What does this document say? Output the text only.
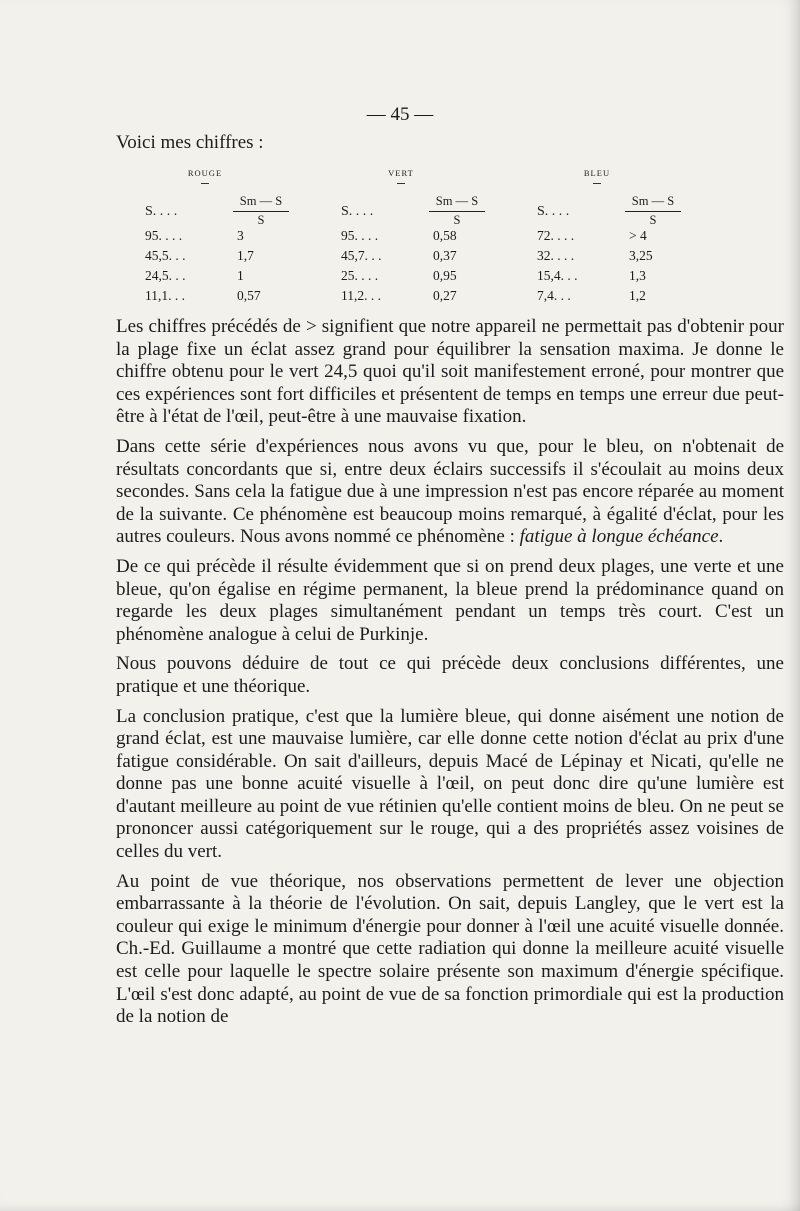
— 45 —
Voici mes chiffres :
ROUGE
S. . . .	$\frac{Sm — S}{S}$
95. . . .	3
45,5. . .	1,7
24,5. . .	1
11,1. . .	0,57
VERT
S. . . .	$\frac{Sm — S}{S}$
95. . . .	0,58
45,7. . .	0,37
25. . . .	0,95
11,2. . .	0,27
BLEU
S. . . .	$\frac{Sm — S}{S}$
72. . . .	> 4
32. . . .	3,25
15,4. . .	1,3
7,4. . .	1,2

Les chiffres précédés de > signifient que notre appareil ne permettait pas d'obtenir pour la plage fixe un éclat assez grand pour équilibrer la sensation maxima. Je donne le chiffre obtenu pour le vert 24,5 quoi qu'il soit manifestement erroné, pour montrer que ces expériences sont fort difficiles et présentent de temps en temps une erreur due peut-être à l'état de l'œil, peut-être à une mauvaise fixation.

Dans cette série d'expériences nous avons vu que, pour le bleu, on n'obtenait de résultats concordants que si, entre deux éclairs successifs il s'écoulait au moins deux secondes. Sans cela la fatigue due à une impression n'est pas encore réparée au moment de la suivante. Ce phénomène est beaucoup moins remarqué, à égalité d'éclat, pour les autres couleurs. Nous avons nommé ce phénomène : fatigue à longue échéance.

De ce qui précède il résulte évidemment que si on prend deux plages, une verte et une bleue, qu'on égalise en régime permanent, la bleue prend la prédominance quand on regarde les deux plages simultanément pendant un temps très court. C'est un phénomène analogue à celui de Purkinje.

Nous pouvons déduire de tout ce qui précède deux conclusions différentes, une pratique et une théorique.

La conclusion pratique, c'est que la lumière bleue, qui donne aisément une notion de grand éclat, est une mauvaise lumière, car elle donne cette notion d'éclat au prix d'une fatigue considérable. On sait d'ailleurs, depuis Macé de Lépinay et Nicati, qu'elle ne donne pas une bonne acuité visuelle à l'œil, on peut donc dire qu'une lumière est d'autant meilleure au point de vue rétinien qu'elle contient moins de bleu. On ne peut se prononcer aussi catégoriquement sur le rouge, qui a des propriétés assez voisines de celles du vert.

Au point de vue théorique, nos observations permettent de lever une objection embarrassante à la théorie de l'évolution. On sait, depuis Langley, que le vert est la couleur qui exige le minimum d'énergie pour donner à l'œil une acuité visuelle donnée. Ch.-Ed. Guillaume a montré que cette radiation qui donne la meilleure acuité visuelle est celle pour laquelle le spectre solaire présente son maximum d'énergie spécifique. L'œil s'est donc adapté, au point de vue de sa fonction primordiale qui est la production de la notion de
